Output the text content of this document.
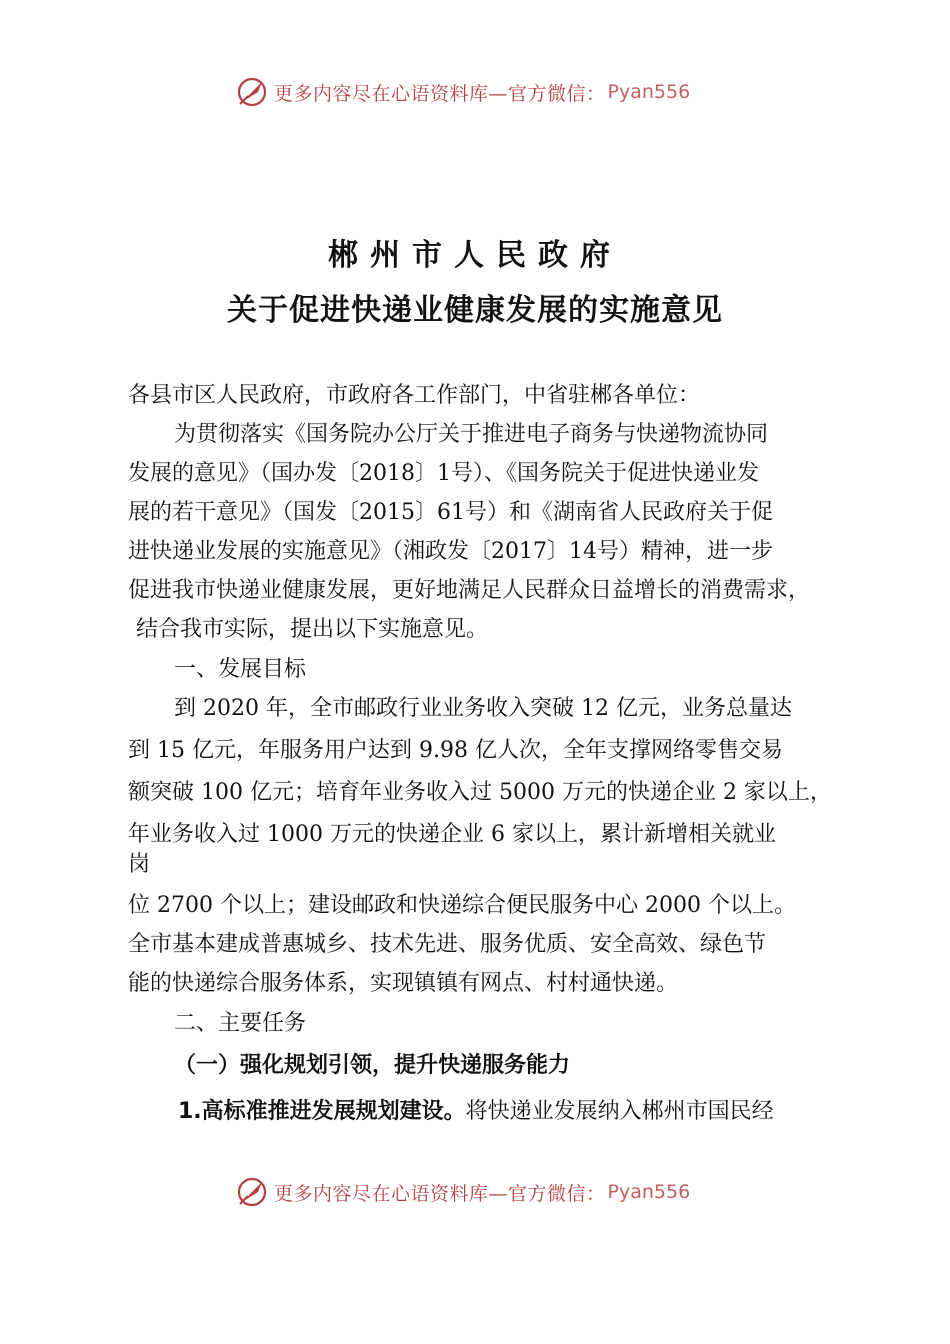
更多内容尽在心语资料库—官方微信： Pyan556
郴州市人民政府
关于促进快递业健康发展的实施意见
各县市区人民政府，市政府各工作部门，中省驻郴各单位：
为贯彻落实《国务院办公厅关于推进电子商务与快递物流协同
发展的意见》（国办发〔2018〕1号）、《国务院关于促进快递业发
展的若干意见》（国发〔2015〕61号）和《湖南省人民政府关于促
进快递业发展的实施意见》（湘政发〔2017〕14号）精神，进一步
促进我市快递业健康发展，更好地满足人民群众日益增长的消费需求，
结合我市实际，提出以下实施意见。
一、发展目标
到 2020 年，全市邮政行业业务收入突破 12 亿元，业务总量达
到 15 亿元，年服务用户达到 9.98 亿人次，全年支撑网络零售交易
额突破 100 亿元；培育年业务收入过 5000 万元的快递企业 2 家以上，
年业务收入过 1000 万元的快递企业 6 家以上，累计新增相关就业
岗
位 2700 个以上；建设邮政和快递综合便民服务中心 2000 个以上。
全市基本建成普惠城乡、技术先进、服务优质、安全高效、绿色节
能的快递综合服务体系，实现镇镇有网点、村村通快递。
二、主要任务
（一）强化规划引领，提升快递服务能力
1.高标准推进发展规划建设。将快递业发展纳入郴州市国民经
更多内容尽在心语资料库—官方微信： Pyan556
